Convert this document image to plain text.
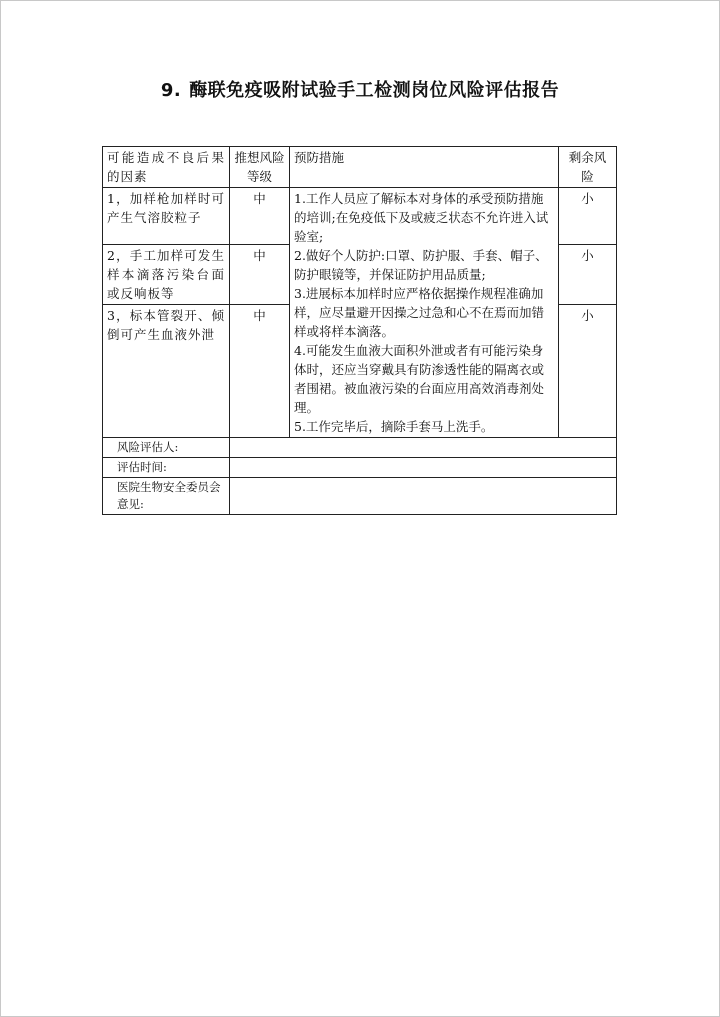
9. 酶联免疫吸附试验手工检测岗位风险评估报告
可能造成不良后果的因素	推想风险等级	预防措施	剩余风险
1，加样枪加样时可产生气溶胶粒子	中	1.工作人员应了解标本对身体的承受预防措施的培训;在免疫低下及或疲乏状态不允许进入试验室;

2.做好个人防护:口罩、防护服、手套、帽子、防护眼镜等，并保证防护用品质量;

3.进展标本加样时应严格依据操作规程准确加样，应尽量避开因操之过急和心不在焉而加错样或将样本滴落。

4.可能发生血液大面积外泄或者有可能污染身体时，还应当穿戴具有防渗透性能的隔离衣或者围裙。被血液污染的台面应用高效消毒剂处理。

5.工作完毕后，摘除手套马上洗手。	小
2，手工加样可发生样本滴落污染台面或反响板等	中		小
3，标本管裂开、倾倒可产生血液外泄	中		小
风险评估人:			
评估时间:			
医院生物安全委员会意见:			
